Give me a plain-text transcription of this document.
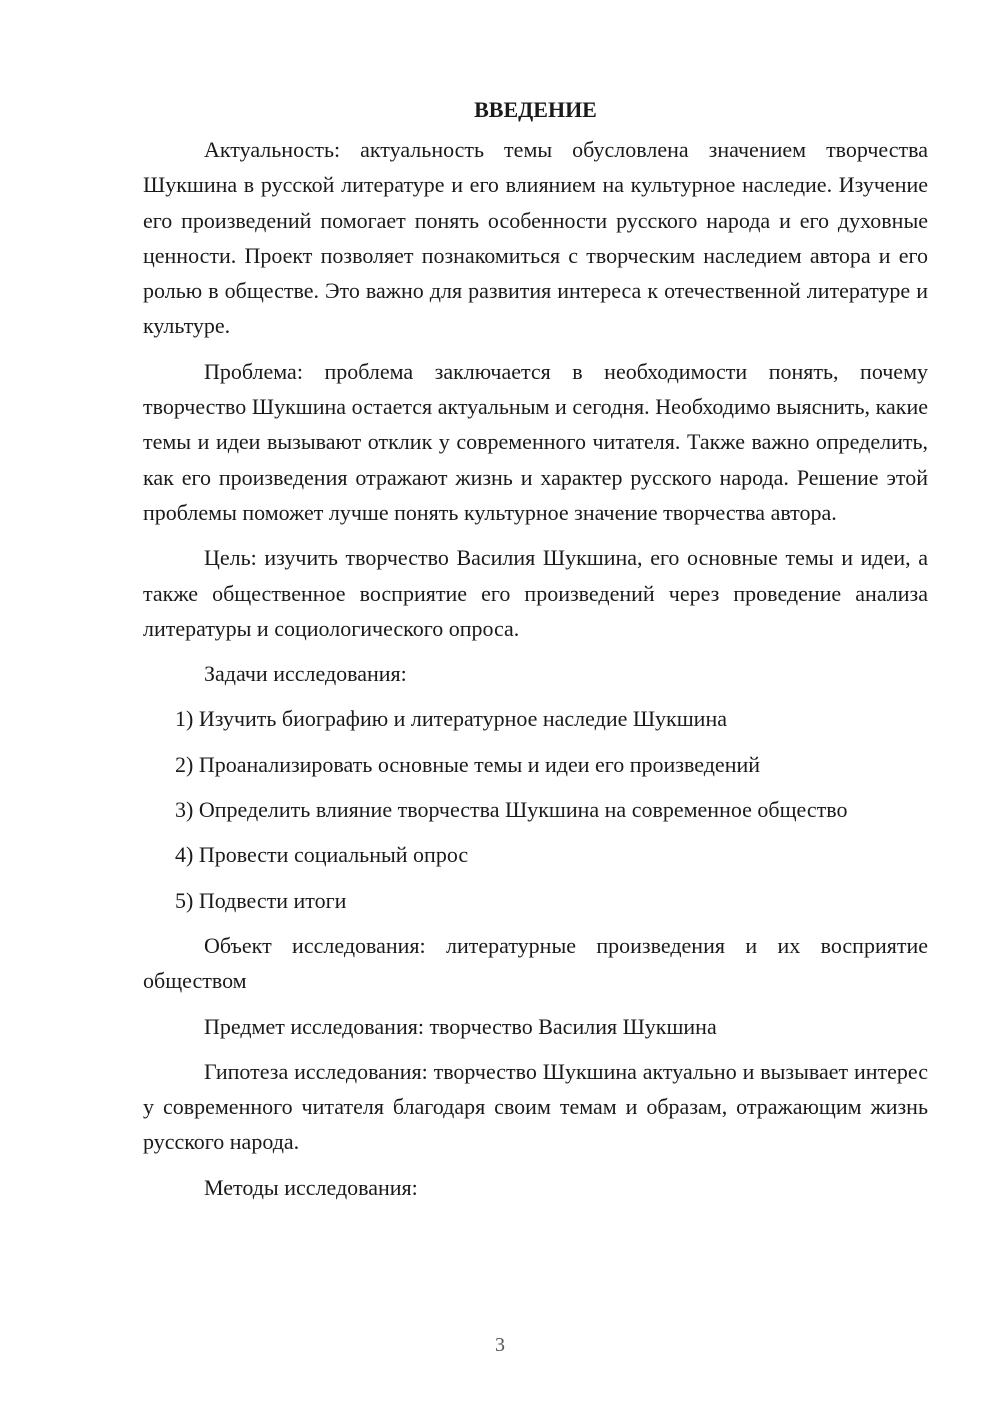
ВВЕДЕНИЕ

Актуальность: актуальность темы обусловлена значением творчества Шукшина в русской литературе и его влиянием на культурное наследие. Изучение его произведений помогает понять особенности русского народа и его духовные ценности. Проект позволяет познакомиться с творческим наследием автора и его ролью в обществе. Это важно для развития интереса к отечественной литературе и культуре.

Проблема: проблема заключается в необходимости понять, почему творчество Шукшина остается актуальным и сегодня. Необходимо выяснить, какие темы и идеи вызывают отклик у современного читателя. Также важно определить, как его произведения отражают жизнь и характер русского народа. Решение этой проблемы поможет лучше понять культурное значение творчества автора.

Цель: изучить творчество Василия Шукшина, его основные темы и идеи, а также общественное восприятие его произведений через проведение анализа литературы и социологического опроса.

Задачи исследования:

1) Изучить биографию и литературное наследие Шукшина

2) Проанализировать основные темы и идеи его произведений

3) Определить влияние творчества Шукшина на современное общество

4) Провести социальный опрос

5) Подвести итоги

Объект исследования: литературные произведения и их восприятие обществом

Предмет исследования: творчество Василия Шукшина

Гипотеза исследования: творчество Шукшина актуально и вызывает интерес у современного читателя благодаря своим темам и образам, отражающим жизнь русского народа.

Методы исследования:

3
